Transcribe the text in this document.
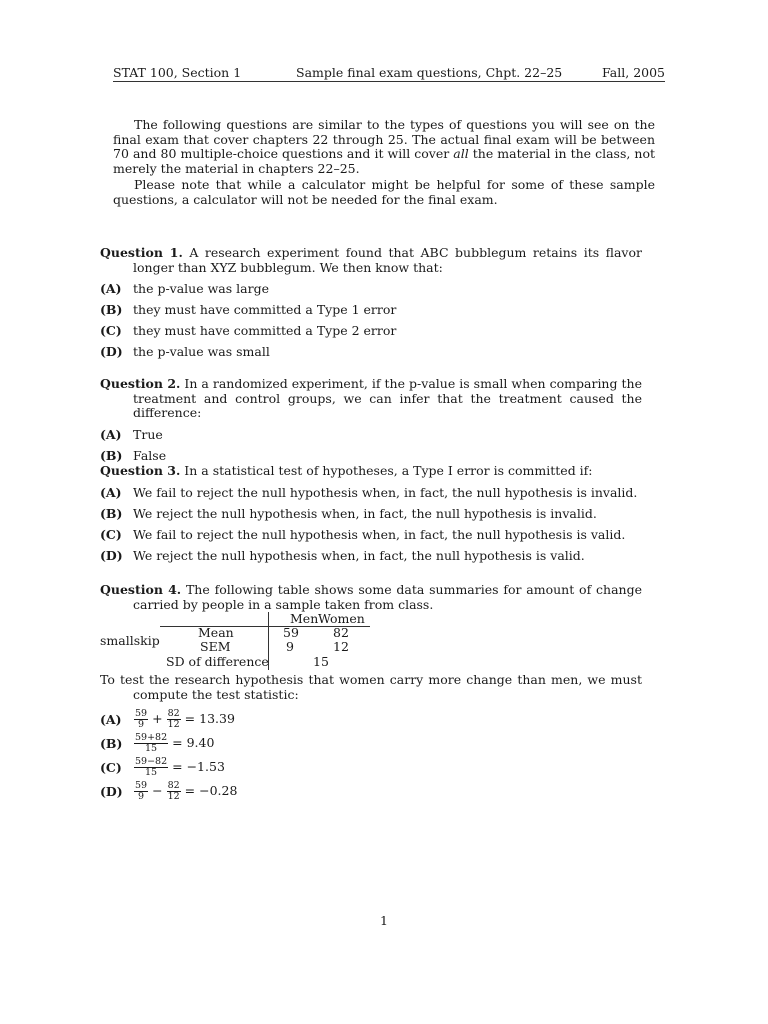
STAT 100, Section 1	Sample final exam questions, Chpt. 22–25	Fall, 2005

The following questions are similar to the types of questions you will see on the final exam that cover chapters 22 through 25. The actual final exam will be between 70 and 80 multiple-choice questions and it will cover all the material in the class, not merely the material in chapters 22–25.

Please note that while a calculator might be helpful for some of these sample questions, a calculator will not be needed for the final exam.

Question 1. A research experiment found that ABC bubblegum retains its flavor longer than XYZ bubblegum. We then know that:

(A) the p-value was large
(B) they must have committed a Type 1 error
(C) they must have committed a Type 2 error
(D) the p-value was small

Question 2. In a randomized experiment, if the p-value is small when comparing the treatment and control groups, we can infer that the treatment caused the difference:

(A) True
(B) False

Question 3. In a statistical test of hypotheses, a Type I error is committed if:

(A) We fail to reject the null hypothesis when, in fact, the null hypothesis is invalid.
(B) We reject the null hypothesis when, in fact, the null hypothesis is invalid.
(C) We fail to reject the null hypothesis when, in fact, the null hypothesis is valid.
(D) We reject the null hypothesis when, in fact, the null hypothesis is valid.

Question 4. The following table shows some data summaries for amount of change carried by people in a sample taken from class.

Men Women
smallskip
Mean	59	82
SEM	9	12
SD of difference	15

To test the research hypothesis that women carry more change than men, we must compute the test statistic:

(A)	$\frac{59}{9} + \frac{82}{12} = 13.39$
(B)	$\frac{59+82}{15} = 9.40$
(C)	$\frac{59-82}{15} = -1.53$
(D)	$\frac{59}{9} - \frac{82}{12} = -0.28$
1
